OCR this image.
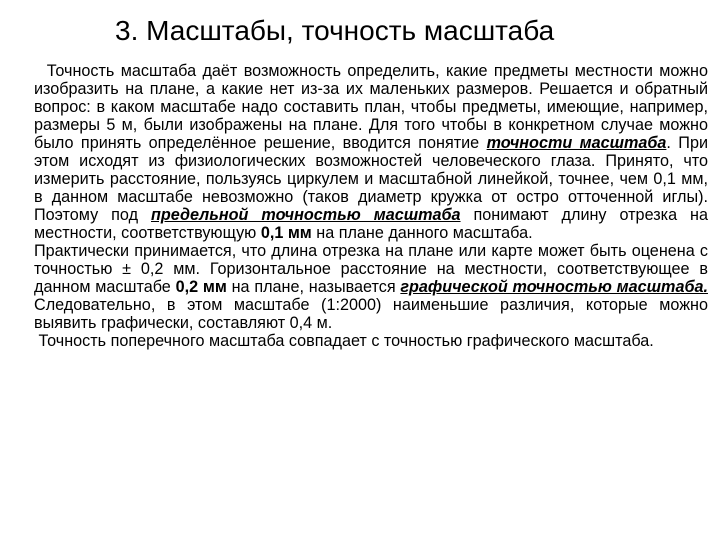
3. Масштабы, точность масштаба

Точность масштаба даёт возможность определить, какие предметы местности можно изобразить на плане, а какие нет из-за их маленьких размеров. Решается и обратный вопрос: в каком масштабе надо составить план, чтобы предметы, имеющие, например, размеры 5 м, были изображены на плане. Для того чтобы в конкретном случае можно было принять определённое решение, вводится понятие точности масштаба. При этом исходят из физиологических возможностей человеческого глаза. Принято, что измерить расстояние, пользуясь циркулем и масштабной линейкой, точнее, чем 0,1 мм, в данном масштабе невозможно (таков диаметр кружка от остро отточенной иглы). Поэтому под предельной точностью масштаба понимают длину отрезка на местности, соответствующую 0,1 мм на плане данного масштаба.

Практически принимается, что длина отрезка на плане или карте может быть оценена с точностью ± 0,2 мм. Горизонтальное расстояние на местности, соответствующее в данном масштабе 0,2 мм на плане, называется графической точностью масштаба. Следовательно, в этом масштабе (1:2000) наименьшие различия, которые можно выявить графически, составляют 0,4 м.

Точность поперечного масштаба совпадает с точностью графического масштаба.
